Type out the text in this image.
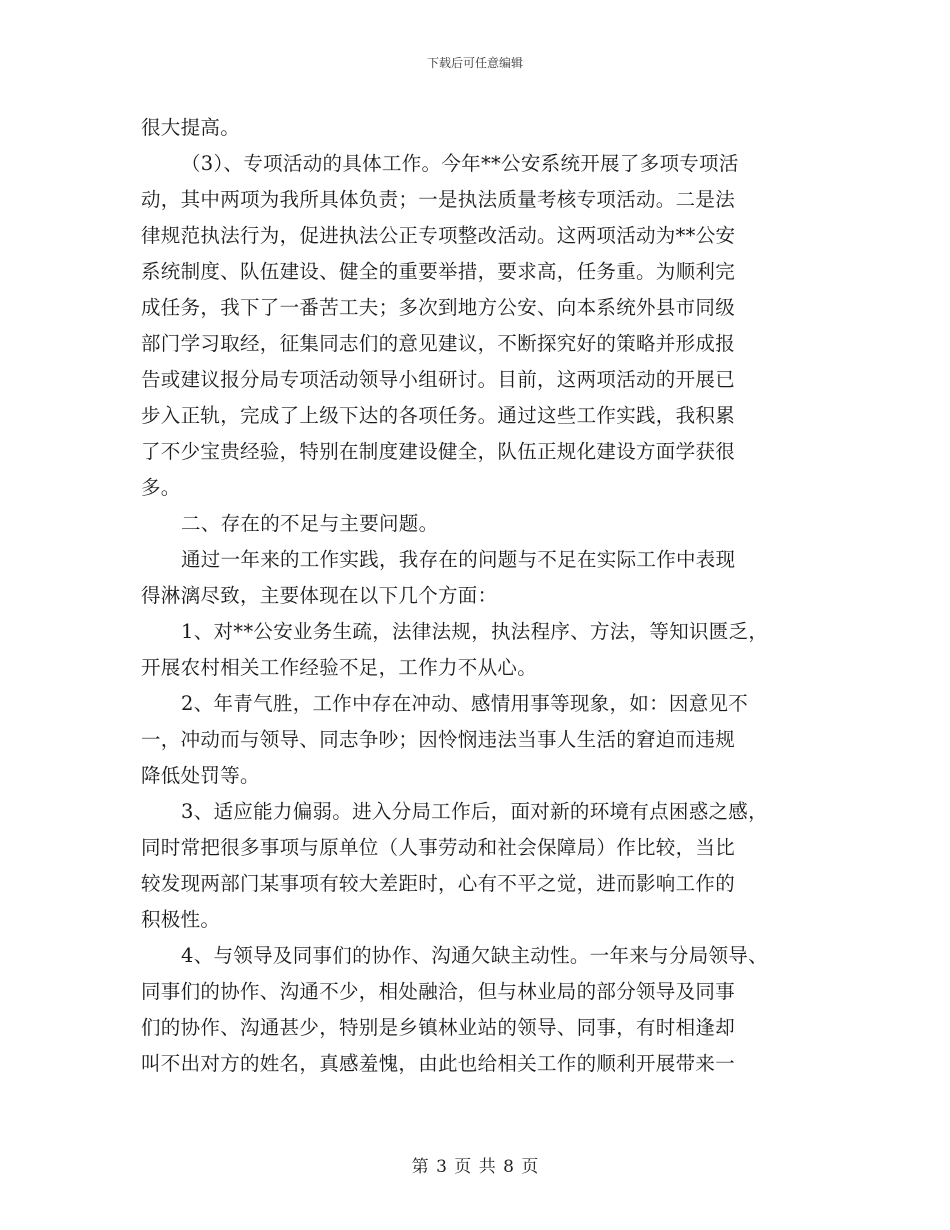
下载后可任意编辑
很大提高。
（3）、专项活动的具体工作。今年**公安系统开展了多项专项活
动，其中两项为我所具体负责；一是执法质量考核专项活动。二是法
律规范执法行为，促进执法公正专项整改活动。这两项活动为**公安
系统制度、队伍建设、健全的重要举措，要求高，任务重。为顺利完
成任务，我下了一番苦工夫；多次到地方公安、向本系统外县市同级
部门学习取经，征集同志们的意见建议，不断探究好的策略并形成报
告或建议报分局专项活动领导小组研讨。目前，这两项活动的开展已
步入正轨，完成了上级下达的各项任务。通过这些工作实践，我积累
了不少宝贵经验，特别在制度建设健全，队伍正规化建设方面学获很
多。
二、存在的不足与主要问题。
通过一年来的工作实践，我存在的问题与不足在实际工作中表现
得淋漓尽致，主要体现在以下几个方面：
1、对**公安业务生疏，法律法规，执法程序、方法，等知识匮乏，
开展农村相关工作经验不足，工作力不从心。
2、年青气胜，工作中存在冲动、感情用事等现象，如：因意见不
一，冲动而与领导、同志争吵；因怜悯违法当事人生活的窘迫而违规
降低处罚等。
3、适应能力偏弱。进入分局工作后，面对新的环境有点困惑之感，
同时常把很多事项与原单位（人事劳动和社会保障局）作比较，当比
较发现两部门某事项有较大差距时，心有不平之觉，进而影响工作的
积极性。
4、与领导及同事们的协作、沟通欠缺主动性。一年来与分局领导、
同事们的协作、沟通不少，相处融洽，但与林业局的部分领导及同事
们的协作、沟通甚少，特别是乡镇林业站的领导、同事，有时相逢却
叫不出对方的姓名，真感羞愧，由此也给相关工作的顺利开展带来一
第 3 页 共 8 页
